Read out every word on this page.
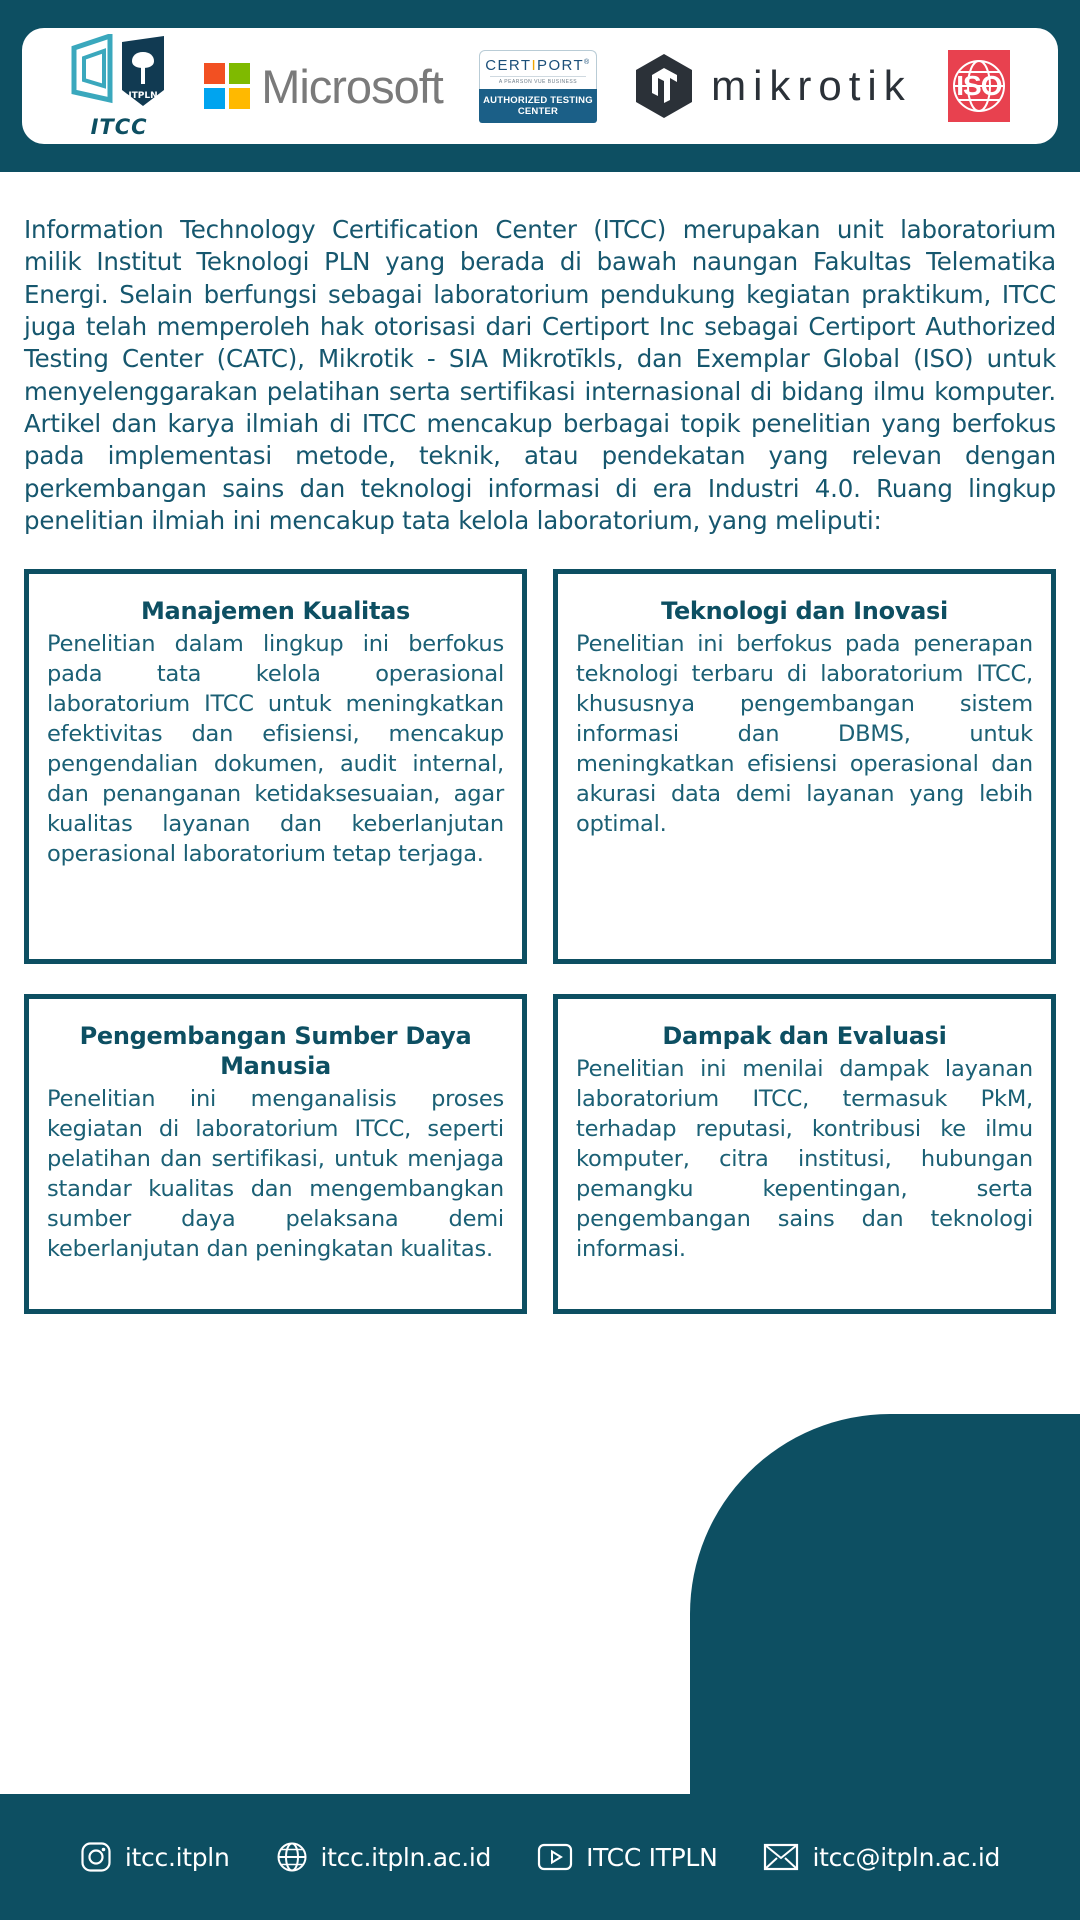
ITPLN
ITCC
Microsoft	CERTIPORT®
A PEARSON VUE BUSINESS
AUTHORIZED TESTING CENTER
mikrotik ISO

Information Technology Certification Center (ITCC) merupakan unit laboratorium milik Institut Teknologi PLN yang berada di bawah naungan Fakultas Telematika Energi. Selain berfungsi sebagai laboratorium pendukung kegiatan praktikum, ITCC juga telah memperoleh hak otorisasi dari Certiport Inc sebagai Certiport Authorized Testing Center (CATC), Mikrotik - SIA Mikrotīkls, dan Exemplar Global (ISO) untuk menyelenggarakan pelatihan serta sertifikasi internasional di bidang ilmu komputer. Artikel dan karya ilmiah di ITCC mencakup berbagai topik penelitian yang berfokus pada implementasi metode, teknik, atau pendekatan yang relevan dengan perkembangan sains dan teknologi informasi di era Industri 4.0. Ruang lingkup penelitian ilmiah ini mencakup tata kelola laboratorium, yang meliputi:

Manajemen Kualitas
Penelitian dalam lingkup ini berfokus pada tata kelola operasional laboratorium ITCC untuk meningkatkan efektivitas dan efisiensi, mencakup pengendalian dokumen, audit internal, dan penanganan ketidaksesuaian, agar kualitas layanan dan keberlanjutan operasional laboratorium tetap terjaga.
Teknologi dan Inovasi
Penelitian ini berfokus pada penerapan teknologi terbaru di laboratorium ITCC, khususnya pengembangan sistem informasi dan DBMS, untuk meningkatkan efisiensi operasional dan akurasi data demi layanan yang lebih optimal.
Pengembangan Sumber Daya Manusia
Penelitian ini menganalisis proses kegiatan di laboratorium ITCC, seperti pelatihan dan sertifikasi, untuk menjaga standar kualitas dan mengembangkan sumber daya pelaksana demi keberlanjutan dan peningkatan kualitas.
Dampak dan Evaluasi
Penelitian ini menilai dampak layanan laboratorium ITCC, termasuk PkM, terhadap reputasi, kontribusi ke ilmu komputer, citra institusi, hubungan pemangku kepentingan, serta pengembangan sains dan teknologi informasi.
itcc.itpln	itcc.itpln.ac.id	ITCC ITPLN	itcc@itpln.ac.id
